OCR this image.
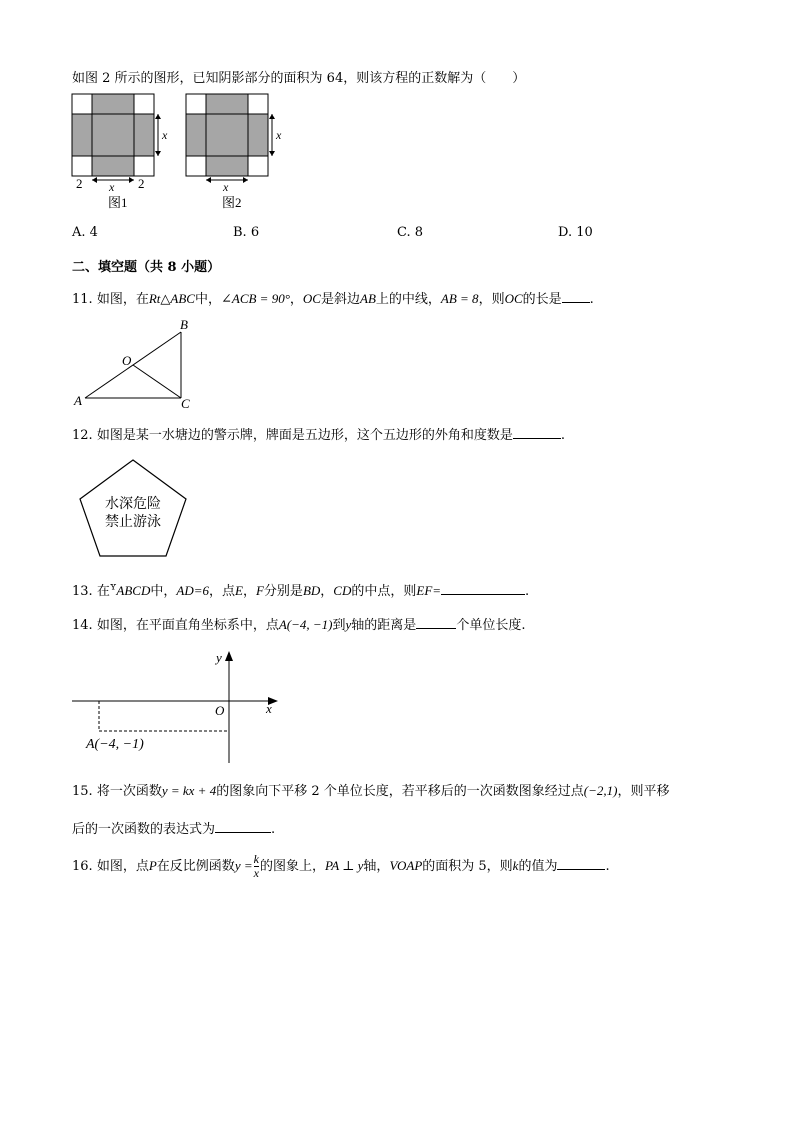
如图 2 所示的图形，已知阴影部分的面积为 64，则该方程的正数解为（　　）
x
2 x 2
图1
x
x
图2
A. 4	B. 6	C. 8	D. 10
二、填空题（共 8 小题）
11. 如图，在Rt△ABC中，∠ACB = 90°，OC是斜边AB上的中线，AB = 8，则OC的长是 .
A
B
C
O
12. 如图是某一水塘边的警示牌，牌面是五边形，这个五边形的外角和度数是	.
水深危险
禁止游泳
13. 在$^ʏ$ABCD中，AD=6，点E，F分别是BD，CD的中点，则EF=	.
14. 如图，在平面直角坐标系中，点A(−4, −1)到y轴的距离是	个单位长度.
y
x
O
A(−4, −1)
15. 将一次函数y = kx + 4的图象向下平移 2 个单位长度，若平移后的一次函数图象经过点(−2,1)，则平移
后的一次函数的表达式为	.
16. 如图，点P在反比例函数$y = \frac{k}{x}$ 的图象上，PA ⊥ y轴，VOAP的面积为 5，则k的值为	.
